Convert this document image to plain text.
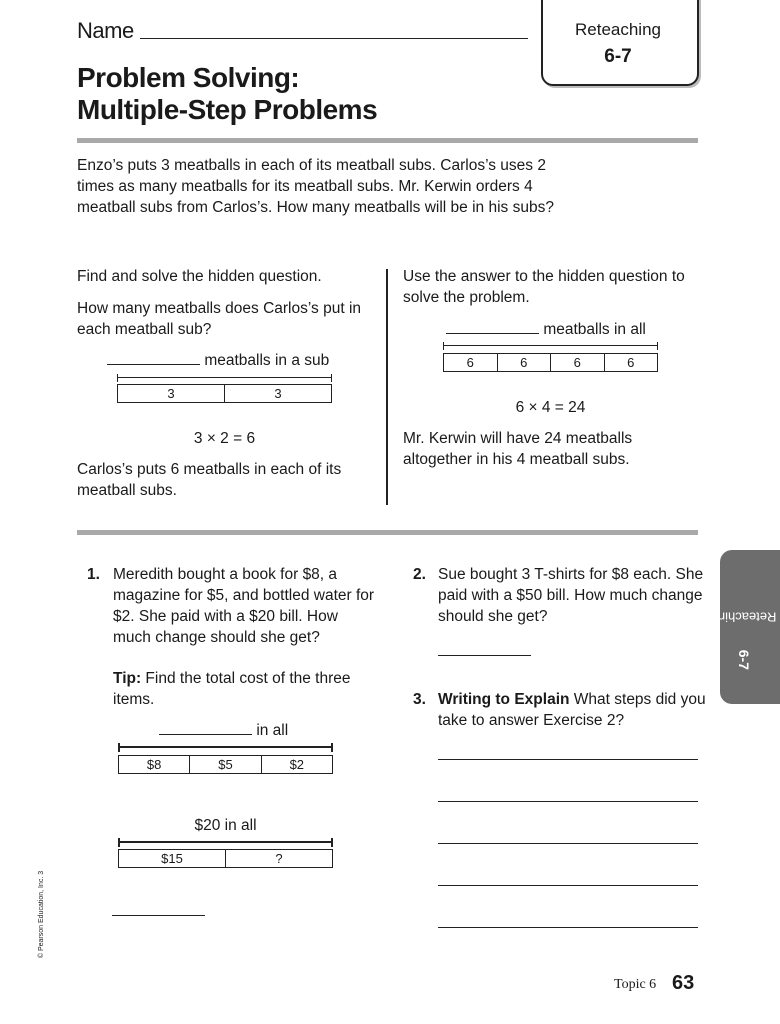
Name	Reteaching
6-7
Problem Solving:
Multiple-Step Problems
Enzo’s puts 3 meatballs in each of its meatball subs. Carlos’s uses 2 times as many meatballs for its meatball subs. Mr. Kerwin orders 4 meatball subs from Carlos’s. How many meatballs will be in his subs?
Find and solve the hidden question.
How many meatballs does Carlos’s put in each meatball sub?
meatballs in a sub
3	3
3 × 2 = 6
Carlos’s puts 6 meatballs in each of its meatball subs.
Use the answer to the hidden question to solve the problem.
meatballs in all
6	6	6	6
6 × 4 = 24
Mr. Kerwin will have 24 meatballs altogether in his 4 meatball subs.
1. Meredith bought a book for $8, a magazine for $5, and bottled water for $2. She paid with a $20 bill. How much change should she get?
Tip: Find the total cost of the three items.
in all
$8	$5	$2
$20 in all
$15	?
2. Sue bought 3 T-shirts for $8 each. She paid with a $50 bill. How much change should she get?
3. Writing to Explain What steps did you take to answer Exercise 2?
Reteaching6-7
© Pearson Education, Inc. 3
Topic 6 63
